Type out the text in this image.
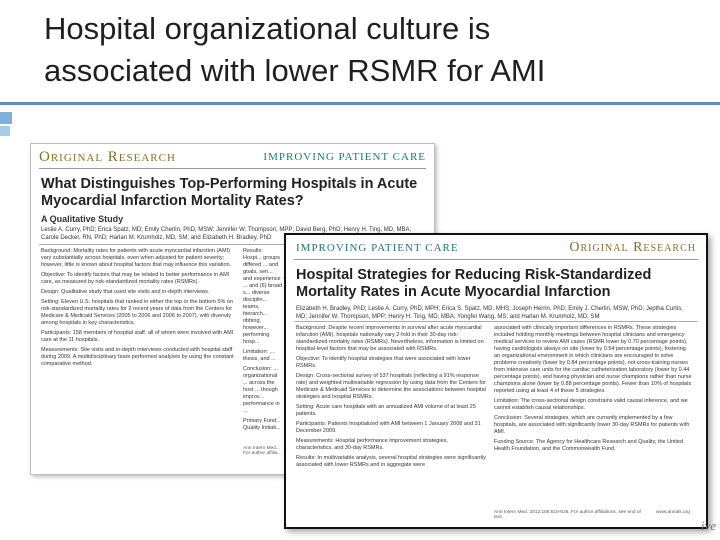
Hospital organizational culture is
associated with lower RSMR for AMI
Original Research	IMPROVING PATIENT CARE
What Distinguishes Top-Performing Hospitals in Acute Myocardial Infarction Mortality Rates?
A Qualitative Study
Leslie A. Curry, PhD; Erica Spatz, MD; Emily Cherlin, PhD, MSW; Jennifer W. Thompson, MPP; David Berg, PhD; Henry H. Ting, MD, MBA; Carole Decker, RN, PhD; Harlan M. Krumholz, MD, SM; and Elizabeth H. Bradley, PhD

Background: Mortality rates for patients with acute myocardial infarction (AMI) vary substantially across hospitals, even when adjusted for patient severity; however, little is known about hospital factors that may influence this variation.

Objective: To identify factors that may be related to better performance in AMI care, as measured by risk-standardized mortality rates (RSMRs).

Design: Qualitative study that used site visits and in-depth interviews.

Setting: Eleven U.S. hospitals that ranked in either the top or the bottom 5% on risk-standardized mortality rates for 2 recent years of data from the Centers for Medicare & Medicaid Services (2005 to 2006 and 2006 to 2007), with diversity among hospitals in key characteristics.

Participants: 158 members of hospital staff, all of whom were involved with AMI care at the 11 hospitals.

Measurements: Site visits and in-depth interviews conducted with hospital staff during 2009. A multidisciplinary team performed analyses by using the constant comparative method.

Results: Hospi... groups differed ... and goals, sen... and experience ... and (6) broad s... diverse disciplin... teams, hierarch... ribbing, however... performing hosp...

Limitation: ... thesis, and ...

Conclusion: ... organizational ... across the host ... though improv... performance in ...

Primary Fund... Quality Initiati...

Ann Intern Med... For author affilia...
IMPROVING PATIENT CARE	Original Research
Hospital Strategies for Reducing Risk-Standardized Mortality Rates in Acute Myocardial Infarction
Elizabeth H. Bradley, PhD; Leslie A. Curry, PhD, MPH; Erica S. Spatz, MD, MHS; Joseph Herrin, PhD; Emily J. Cherlin, MSW, PhD; Jeptha Curtis, MD; Jennifer W. Thompson, MPP; Henry H. Ting, MD, MBA; Yongfei Wang, MS; and Harlan M. Krumholz, MD, SM

Background: Despite recent improvements in survival after acute myocardial infarction (AMI), hospitals nationally vary 2-fold in their 30-day risk-standardized mortality rates (RSMRs). Nevertheless, information is limited on hospital-level factors that may be associated with RSMRs.

Objective: To identify hospital strategies that were associated with lower RSMRs.

Design: Cross-sectional survey of 537 hospitals (reflecting a 91% response rate) and weighted multivariable regression by using data from the Centers for Medicare & Medicaid Services to determine the associations between hospital strategies and hospital RSMRs.

Setting: Acute care hospitals with an annualized AMI volume of at least 25 patients.

Participants: Patients hospitalized with AMI between 1 January 2008 and 31 December 2009.

Measurements: Hospital performance improvement strategies, characteristics, and 30-day RSMRs.

Results: In multivariable analysis, several hospital strategies were significantly associated with lower RSMRs and in aggregate were

associated with clinically important differences in RSMRs. These strategies included holding monthly meetings between hospital clinicians and emergency medical services to review AMI cases (RSMR lower by 0.70 percentage points), having cardiologists always on site (lower by 0.54 percentage points), fostering an organizational environment in which clinicians are encouraged to solve problems creatively (lower by 0.84 percentage points), not cross-training nurses from intensive care units for the cardiac catheterization laboratory (lower by 0.44 percentage points), and having physician and nurse champions rather than nurse champions alone (lower by 0.88 percentage points). Fewer than 10% of hospitals reported using at least 4 of these 5 strategies.

Limitation: The cross-sectional design constrains valid causal inference, and we cannot establish causal relationships.

Conclusion: Several strategies, which are currently implemented by a few hospitals, are associated with significantly lower 30-day RSMRs for patients with AMI.

Funding Source: The Agency for Healthcare Research and Quality, the United Health Foundation, and the Commonwealth Fund.

Ann Intern Med. 2012;156:618-626. For author affiliations, see end of text.
www.annals.org
ive
